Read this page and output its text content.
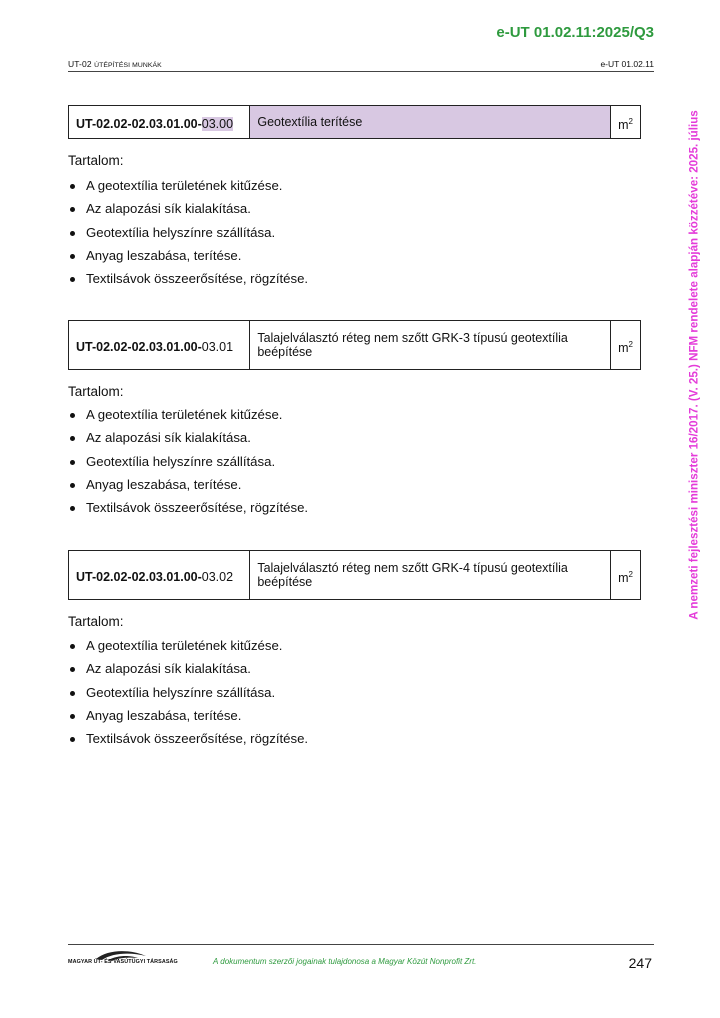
e-UT 01.02.11:2025/Q3
UT-02 ÚTÉPÍTÉSI MUNKÁK	e-UT 01.02.11
A nemzeti fejlesztési miniszter 16/2017. (V. 25.) NFM rendelete alapján közzétéve: 2025. július
UT-02.02-02.03.01.00-03.00	Geotextília terítése	$m^2$
Tartalom:
A geotextília területének kitűzése.
Az alapozási sík kialakítása.
Geotextília helyszínre szállítása.
Anyag leszabása, terítése.
Textilsávok összeerősítése, rögzítése.
UT-02.02-02.03.01.00-03.01	Talajelválasztó réteg nem szőtt GRK-3 típusú geotextília beépítése	$m^2$
Tartalom:
A geotextília területének kitűzése.
Az alapozási sík kialakítása.
Geotextília helyszínre szállítása.
Anyag leszabása, terítése.
Textilsávok összeerősítése, rögzítése.
UT-02.02-02.03.01.00-03.02	Talajelválasztó réteg nem szőtt GRK-4 típusú geotextília beépítése	$m^2$
Tartalom:
A geotextília területének kitűzése.
Az alapozási sík kialakítása.
Geotextília helyszínre szállítása.
Anyag leszabása, terítése.
Textilsávok összeerősítése, rögzítése.
MAGYAR ÚT- ÉS VASÚTÜGYI TÁRSASÁG	A dokumentum szerzői jogainak tulajdonosa a Magyar Közút Nonprofit Zrt.	247
